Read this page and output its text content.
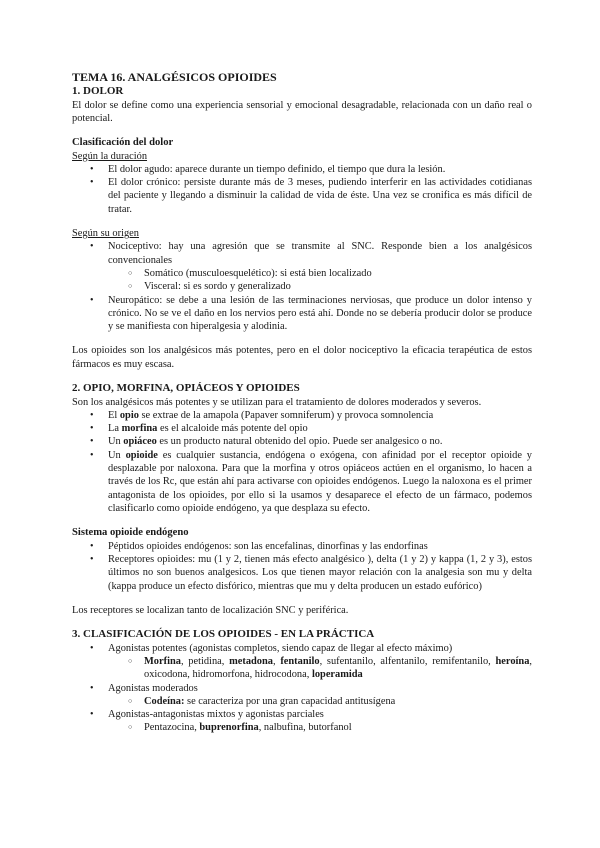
TEMA 16. ANALGÉSICOS OPIOIDES
1. DOLOR

El dolor se define como una experiencia sensorial y emocional desagradable, relacionada con un daño real o potencial.

Clasificación del dolor

Según la duración

• El dolor agudo: aparece durante un tiempo definido, el tiempo que dura la lesión.
• El dolor crónico: persiste durante más de 3 meses, pudiendo interferir en las actividades cotidianas del paciente y llegando a disminuir la calidad de vida de éste. Una vez se cronifica es más difícil de tratar.

Según su origen

• Nociceptivo: hay una agresión que se transmite al SNC. Responde bien a los analgésicos convencionales
○ Somático (musculoesquelético): si está bien localizado
○ Visceral: si es sordo y generalizado
• Neuropático: se debe a una lesión de las terminaciones nerviosas, que produce un dolor intenso y crónico. No se ve el daño en los nervios pero está ahí. Donde no se debería producir dolor se produce y se manifiesta con hiperalgesia y alodinia.

Los opioides son los analgésicos más potentes, pero en el dolor nociceptivo la eficacia terapéutica de estos fármacos es muy escasa.

2. OPIO, MORFINA, OPIÁCEOS Y OPIOIDES

Son los analgésicos más potentes y se utilizan para el tratamiento de dolores moderados y severos.

• El opio se extrae de la amapola (Papaver somniferum) y provoca somnolencia
• La morfina es el alcaloide más potente del opio
• Un opiáceo es un producto natural obtenido del opio. Puede ser analgesico o no.
• Un opioide es cualquier sustancia, endógena o exógena, con afinidad por el receptor opioide y desplazable por naloxona. Para que la morfina y otros opiáceos actúen en el organismo, lo hacen a través de los Rc, que están ahí para activarse con opioides endógenos. Luego la naloxona es el primer antagonista de los opioides, por ello si la usamos y desaparece el efecto de un fármaco, podemos clasificarlo como opioide endógeno, ya que desplaza su efecto.
Sistema opioide endógeno
• Péptidos opioides endógenos: son las encefalinas, dinorfinas y las endorfinas
• Receptores opioides: mu (1 y 2, tienen más efecto analgésico ), delta (1 y 2) y kappa (1, 2 y 3), estos últimos no son buenos analgesicos. Los que tienen mayor relación con la analgesia son mu y delta (kappa produce un efecto disfórico, mientras que mu y delta producen un estado eufórico)

Los receptores se localizan tanto de localización SNC y periférica.

3. CLASIFICACIÓN DE LOS OPIOIDES - EN LA PRÁCTICA
• Agonistas potentes (agonistas completos, siendo capaz de llegar al efecto máximo)
○ Morfina, petidina, metadona, fentanilo, sufentanilo, alfentanilo, remifentanilo, heroína, oxicodona, hidromorfona, hidrocodona, loperamida
• Agonistas moderados
○ Codeína: se caracteriza por una gran capacidad antitusígena
• Agonistas-antagonistas mixtos y agonistas parciales
○ Pentazocina, buprenorfina, nalbufina, butorfanol
